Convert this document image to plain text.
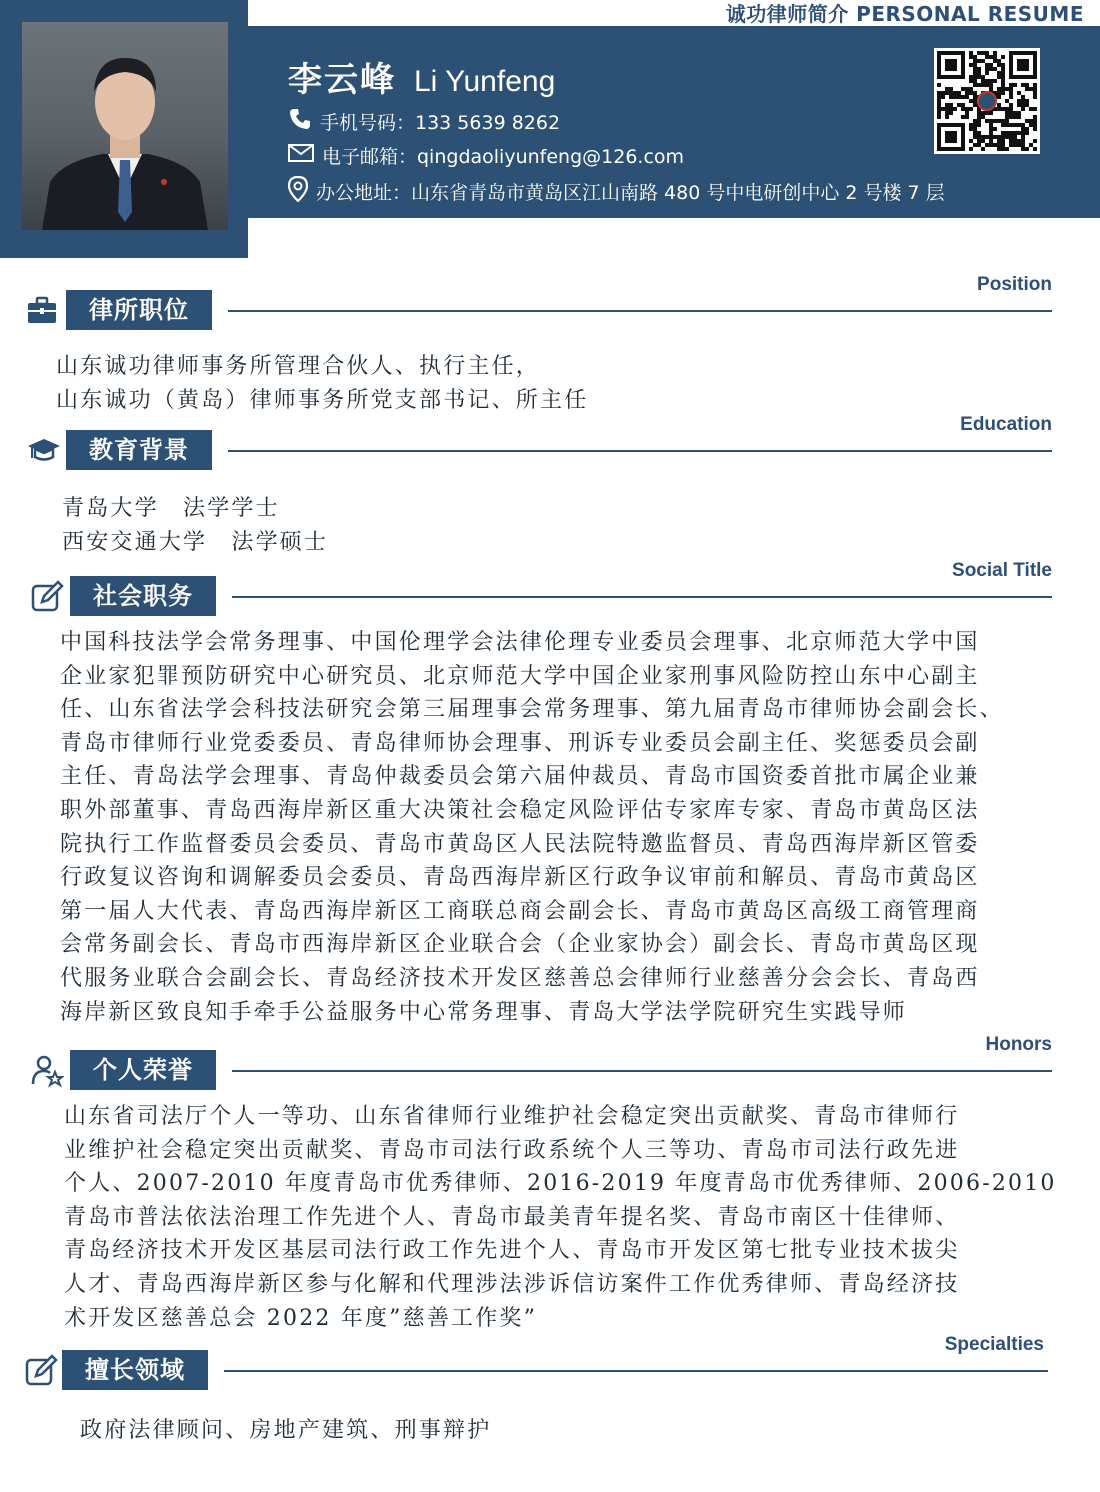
诚功律师简介 PERSONAL RESUME
李云峰 Li Yunfeng
手机号码：133 5639 8262
电子邮箱：qingdaoliyunfeng@126.com
办公地址：山东省青岛市黄岛区江山南路 480 号中电研创中心 2 号楼 7 层
律所职位
Position
山东诚功律师事务所管理合伙人、执行主任，
山东诚功（黄岛）律师事务所党支部书记、所主任
教育背景
Education
青岛大学　法学学士
西安交通大学　法学硕士
社会职务
Social Title
中国科技法学会常务理事、中国伦理学会法律伦理专业委员会理事、北京师范大学中国
企业家犯罪预防研究中心研究员、北京师范大学中国企业家刑事风险防控山东中心副主
任、山东省法学会科技法研究会第三届理事会常务理事、第九届青岛市律师协会副会长、
青岛市律师行业党委委员、青岛律师协会理事、刑诉专业委员会副主任、奖惩委员会副
主任、青岛法学会理事、青岛仲裁委员会第六届仲裁员、青岛市国资委首批市属企业兼
职外部董事、青岛西海岸新区重大决策社会稳定风险评估专家库专家、青岛市黄岛区法
院执行工作监督委员会委员、青岛市黄岛区人民法院特邀监督员、青岛西海岸新区管委
行政复议咨询和调解委员会委员、青岛西海岸新区行政争议审前和解员、青岛市黄岛区
第一届人大代表、青岛西海岸新区工商联总商会副会长、青岛市黄岛区高级工商管理商
会常务副会长、青岛市西海岸新区企业联合会（企业家协会）副会长、青岛市黄岛区现
代服务业联合会副会长、青岛经济技术开发区慈善总会律师行业慈善分会会长、青岛西
海岸新区致良知手牵手公益服务中心常务理事、青岛大学法学院研究生实践导师
个人荣誉
Honors
山东省司法厅个人一等功、山东省律师行业维护社会稳定突出贡献奖、青岛市律师行
业维护社会稳定突出贡献奖、青岛市司法行政系统个人三等功、青岛市司法行政先进
个人、2007-2010 年度青岛市优秀律师、2016-2019 年度青岛市优秀律师、2006-2010
青岛市普法依法治理工作先进个人、青岛市最美青年提名奖、青岛市南区十佳律师、
青岛经济技术开发区基层司法行政工作先进个人、青岛市开发区第七批专业技术拔尖
人才、青岛西海岸新区参与化解和代理涉法涉诉信访案件工作优秀律师、青岛经济技
术开发区慈善总会 2022 年度”慈善工作奖”
擅长领域
Specialties
政府法律顾问、房地产建筑、刑事辩护
